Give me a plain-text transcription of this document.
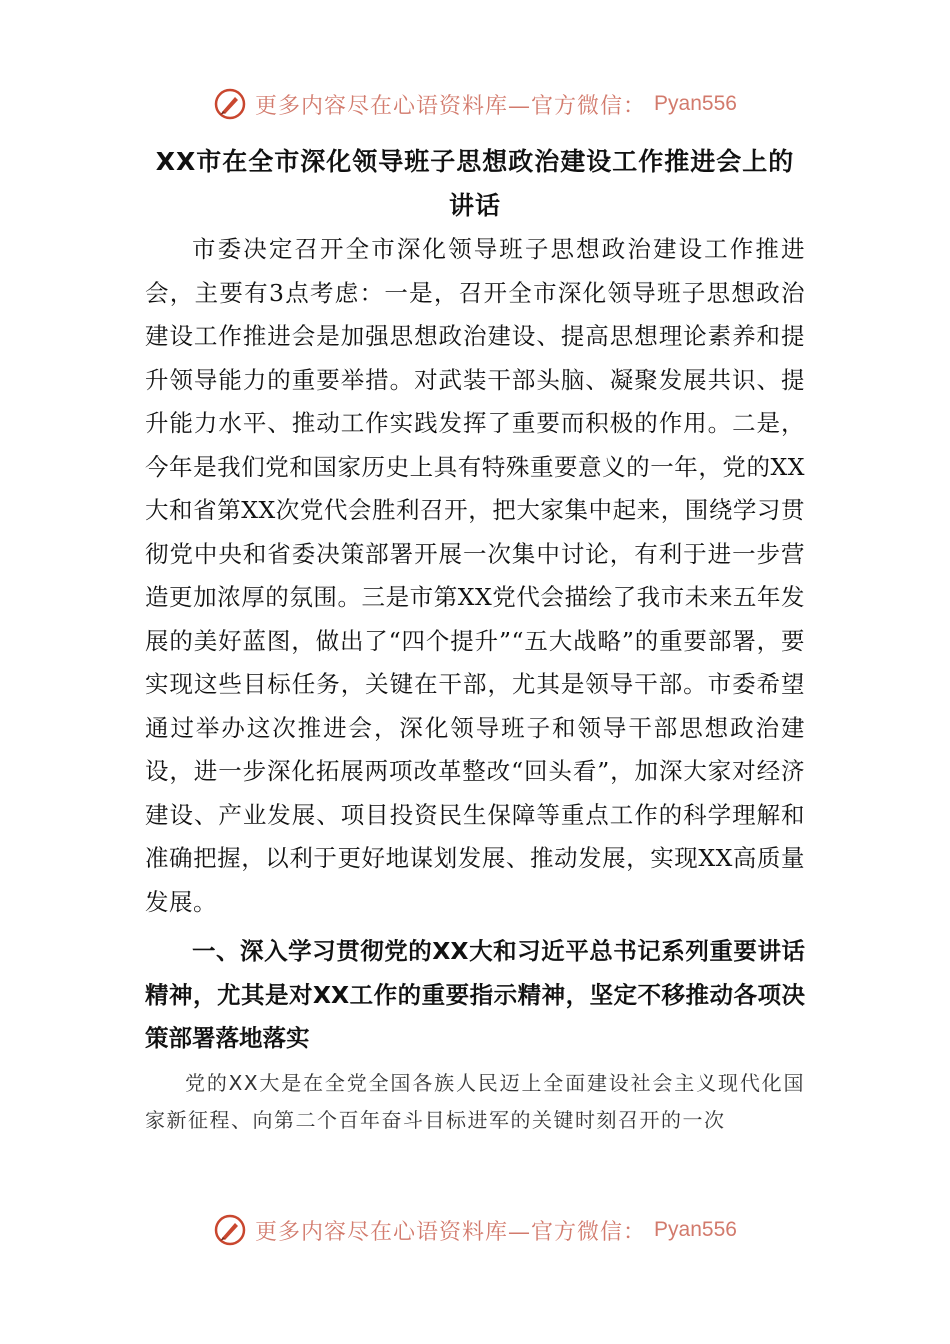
更多内容尽在心语资料库—官方微信： Pyan556

XX市在全市深化领导班子思想政治建设工作推进会上的讲话

市委决定召开全市深化领导班子思想政治建设工作推进会，主要有3点考虑：一是，召开全市深化领导班子思想政治建设工作推进会是加强思想政治建设、提高思想理论素养和提升领导能力的重要举措。对武装干部头脑、凝聚发展共识、提升能力水平、推动工作实践发挥了重要而积极的作用。二是，今年是我们党和国家历史上具有特殊重要意义的一年，党的XX大和省第XX次党代会胜利召开，把大家集中起来，围绕学习贯彻党中央和省委决策部署开展一次集中讨论，有利于进一步营造更加浓厚的氛围。三是市第XX党代会描绘了我市未来五年发展的美好蓝图，做出了“四个提升”“五大战略”的重要部署，要实现这些目标任务，关键在干部，尤其是领导干部。市委希望通过举办这次推进会，深化领导班子和领导干部思想政治建设，进一步深化拓展两项改革整改“回头看”，加深大家对经济建设、产业发展、项目投资民生保障等重点工作的科学理解和准确把握，以利于更好地谋划发展、推动发展，实现XX高质量发展。

一、深入学习贯彻党的XX大和习近平总书记系列重要讲话精神，尤其是对XX工作的重要指示精神，坚定不移推动各项决策部署落地落实

党的XX大是在全党全国各族人民迈上全面建设社会主义现代化国家新征程、向第二个百年奋斗目标进军的关键时刻召开的一次

更多内容尽在心语资料库—官方微信： Pyan556
